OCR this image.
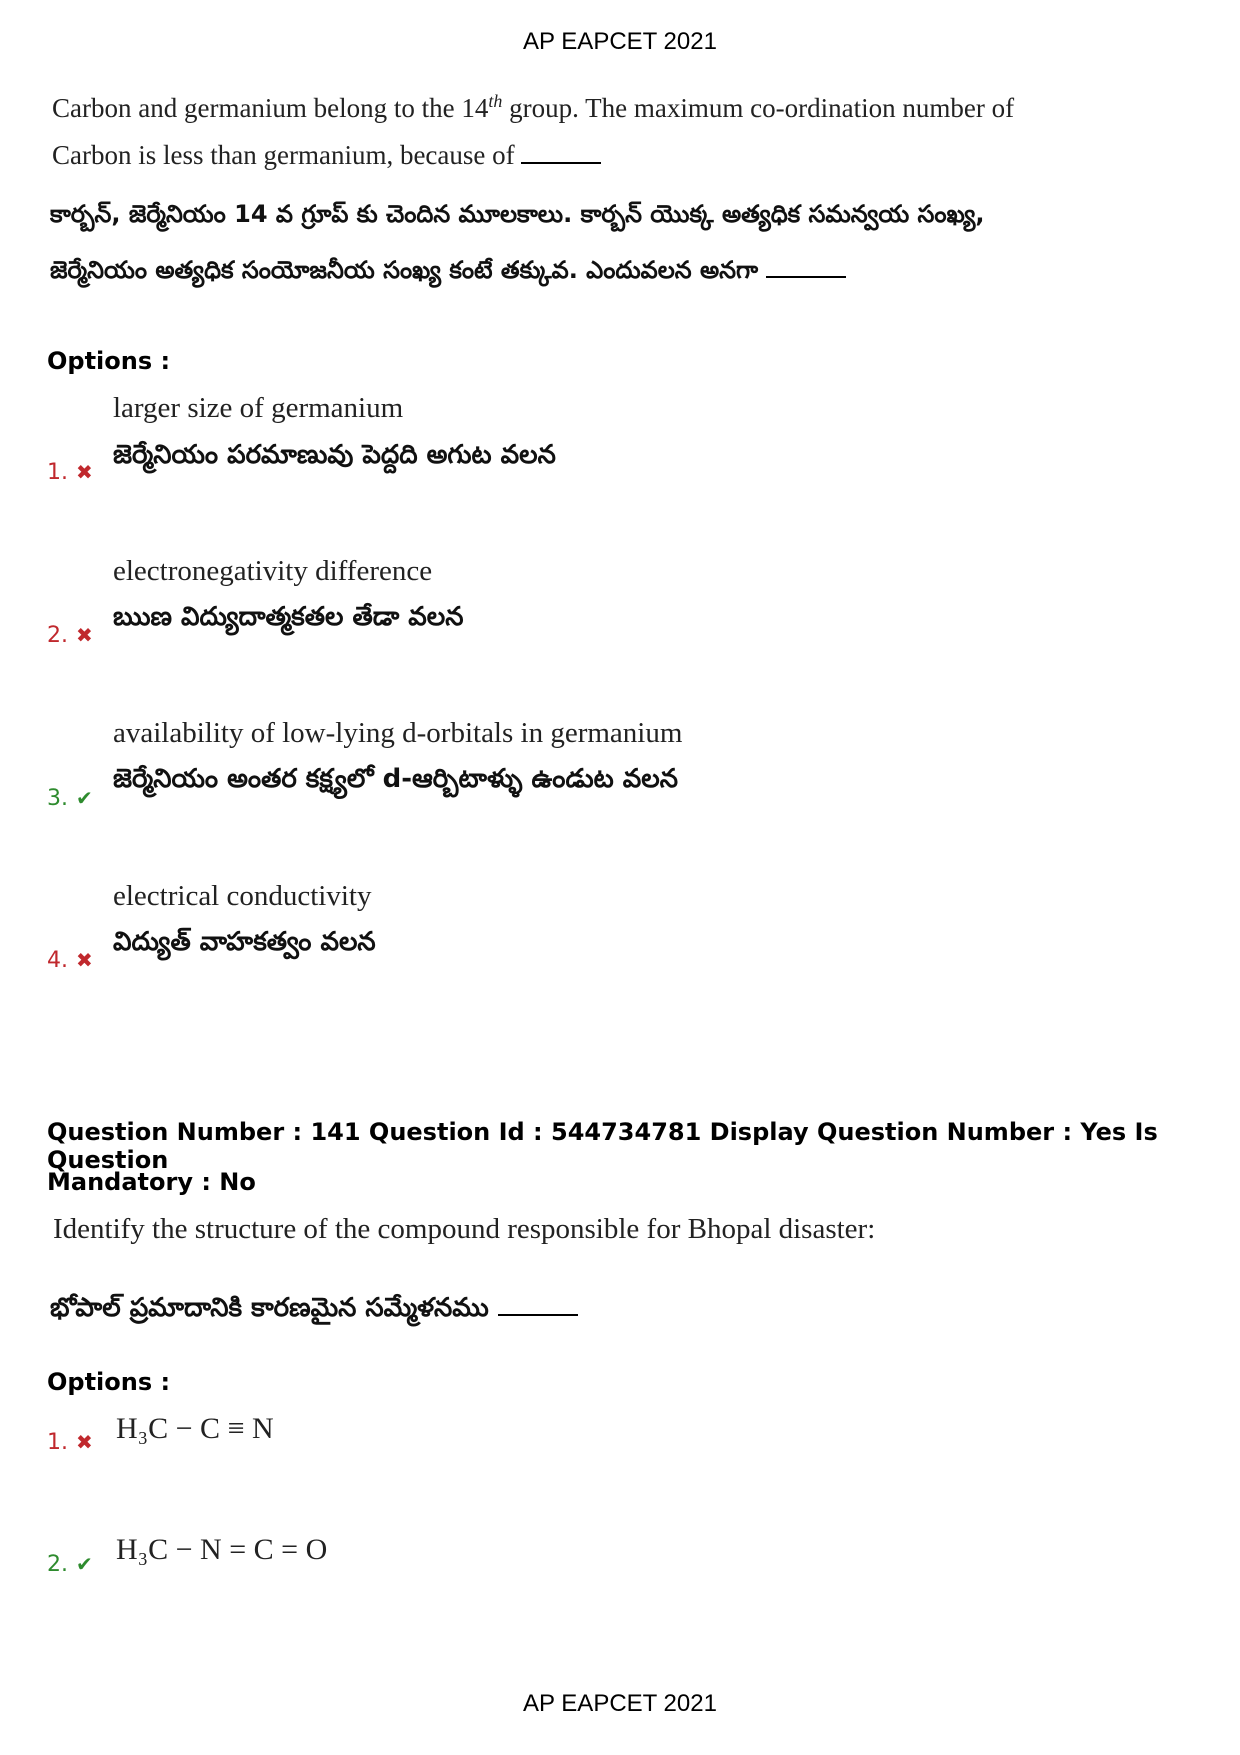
AP EAPCET 2021
Carbon and germanium belong to the 14th group. The maximum co-ordination number of
Carbon is less than germanium, because of
కార్బన్, జెర్మేనియం 14 వ గ్రూప్ కు చెందిన మూలకాలు. కార్బన్ యొక్క అత్యధిక సమన్వయ సంఖ్య,
జెర్మేనియం అత్యధిక సంయోజనీయ సంఖ్య కంటే తక్కువ. ఎందువలన అనగా
Options :
larger size of germanium
జెర్మేనియం పరమాణువు పెద్దది అగుట వలన
1. ✖
electronegativity difference
ఋణ విద్యుదాత్మకతల తేడా వలన
2. ✖
availability of low-lying d-orbitals in germanium
జెర్మేనియం అంతర కక్ష్యలో d-ఆర్బిటాళ్ళు ఉండుట వలన
3. ✔
electrical conductivity
విద్యుత్ వాహకత్వం వలన
4. ✖
Question Number : 141 Question Id : 544734781 Display Question Number : Yes Is Question
Mandatory : No
Identify the structure of the compound responsible for Bhopal disaster:
భోపాల్ ప్రమాదానికి కారణమైన సమ్మేళనము
Options :
H₃C − C ≡ N
1. ✖
H₃C − N = C = O
2. ✔
AP EAPCET 2021
